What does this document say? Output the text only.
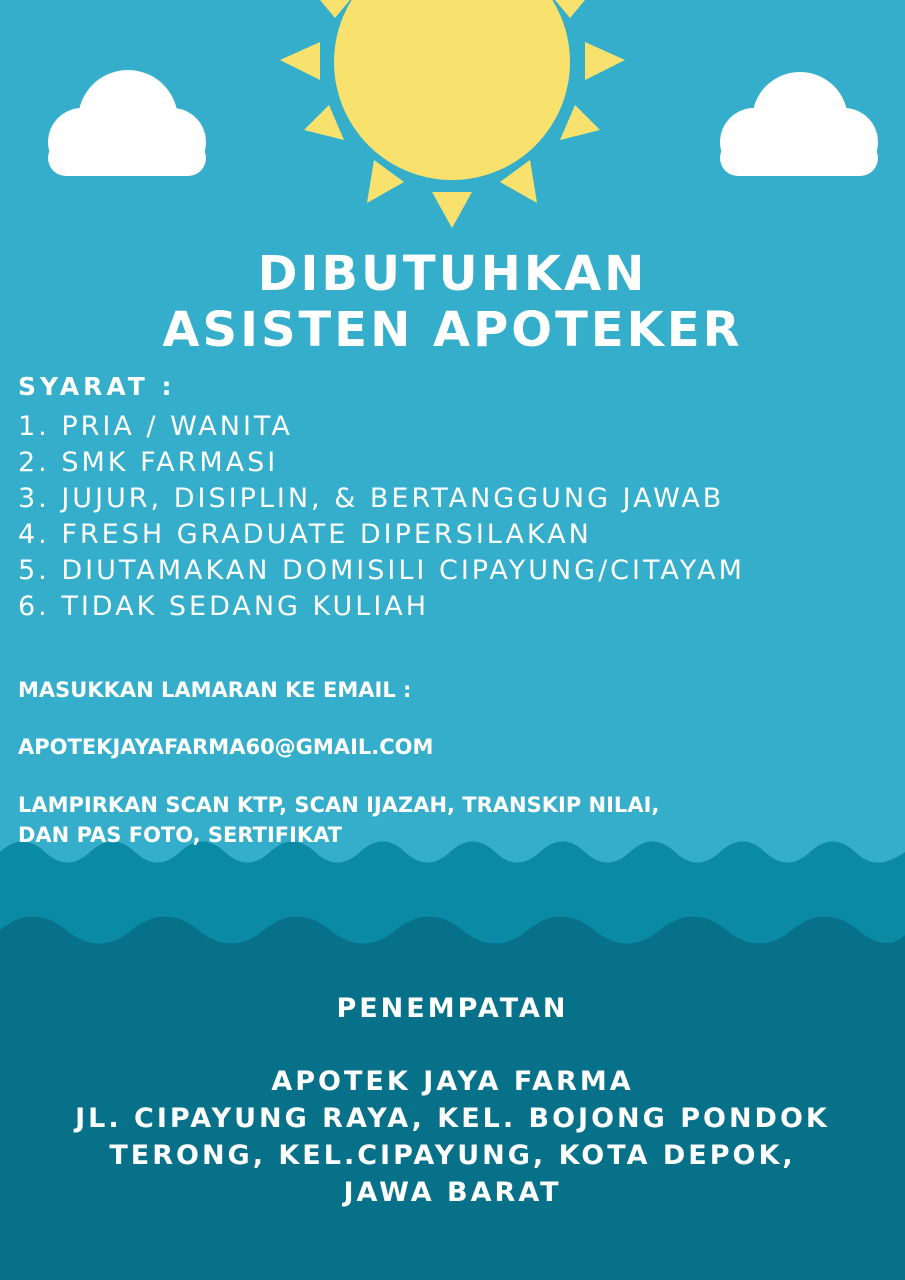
DIBUTUHKAN
ASISTEN APOTEKER
SYARAT :
1. PRIA / WANITA
2. SMK FARMASI
3. JUJUR, DISIPLIN, & BERTANGGUNG JAWAB
4. FRESH GRADUATE DIPERSILAKAN
5. DIUTAMAKAN DOMISILI CIPAYUNG/CITAYAM
6. TIDAK SEDANG KULIAH
MASUKKAN LAMARAN KE EMAIL :
APOTEKJAYAFARMA60@GMAIL.COM
LAMPIRKAN SCAN KTP, SCAN IJAZAH, TRANSKIP NILAI,
DAN PAS FOTO, SERTIFIKAT
PENEMPATAN
APOTEK JAYA FARMA
JL. CIPAYUNG RAYA, KEL. BOJONG PONDOK
TERONG, KEL.CIPAYUNG, KOTA DEPOK,
JAWA BARAT
